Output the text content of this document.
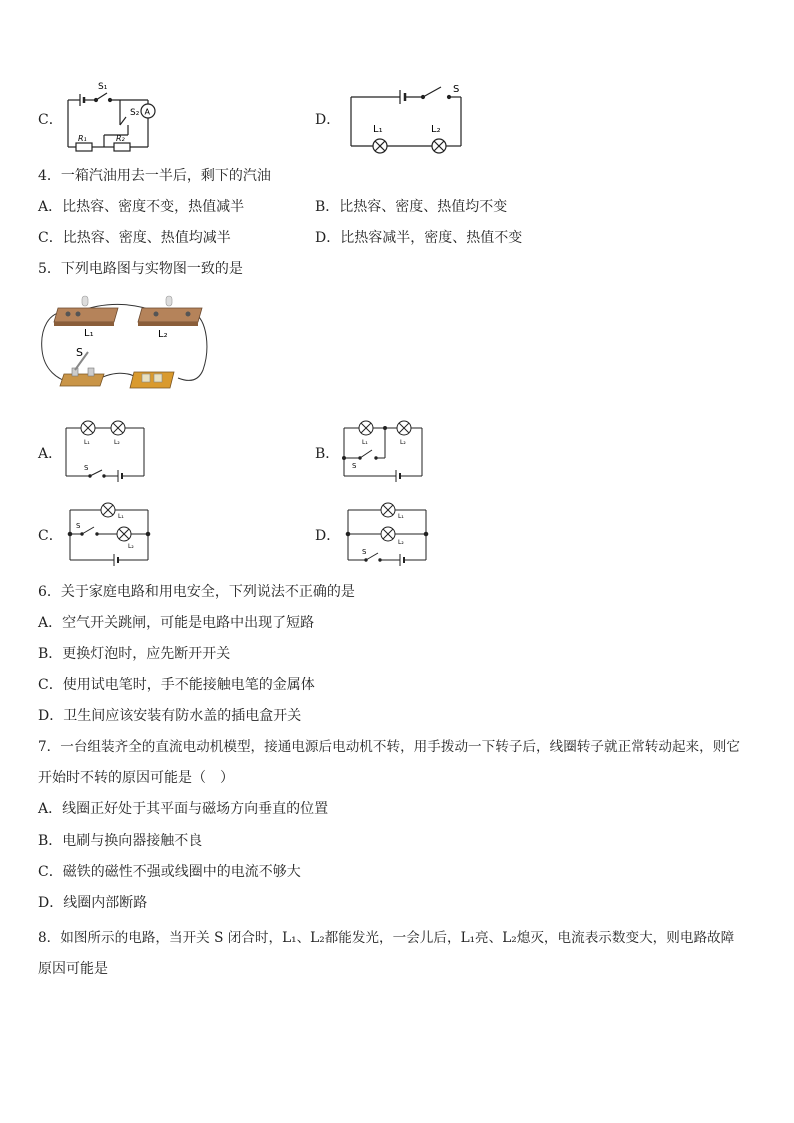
C．
S₁
S₂ A
R₁	R₂
D．
S
L₁	L₂
4．一箱汽油用去一半后，剩下的汽油
A．比热容、密度不变，热值减半	B．比热容、密度、热值均不变
C．比热容、密度、热值均减半	D．比热容减半，密度、热值不变
5．下列电路图与实物图一致的是
L₁	L₂
S
A．
L₁	L₂
S
B．
L₁	L₂
S
C．
L₁
L₂
S
D．
L₁
L₂
S
6．关于家庭电路和用电安全，下列说法不正确的是
A．空气开关跳闸，可能是电路中出现了短路
B．更换灯泡时，应先断开开关
C．使用试电笔时，手不能接触电笔的金属体
D．卫生间应该安装有防水盖的插电盒开关
7．一台组装齐全的直流电动机模型，接通电源后电动机不转，用手拨动一下转子后，线圈转子就正常转动起来，则它
开始时不转的原因可能是（　）
A．线圈正好处于其平面与磁场方向垂直的位置
B．电刷与换向器接触不良
C．磁铁的磁性不强或线圈中的电流不够大
D．线圈内部断路
8．如图所示的电路，当开关 S 闭合时，L₁、L₂都能发光，一会儿后，L₁亮、L₂熄灭，电流表示数变大，则电路故障
原因可能是
